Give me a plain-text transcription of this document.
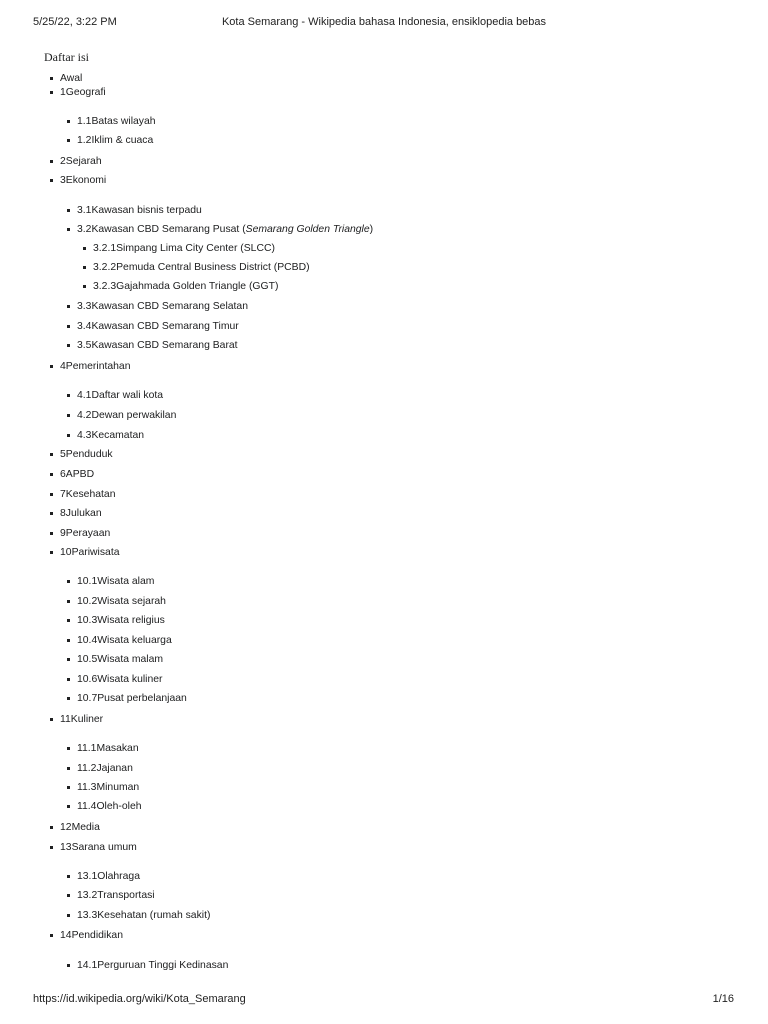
5/25/22, 3:22 PM	Kota Semarang - Wikipedia bahasa Indonesia, ensiklopedia bebas
Daftar isi
Awal
1Geografi
1.1Batas wilayah
1.2Iklim & cuaca
2Sejarah
3Ekonomi
3.1Kawasan bisnis terpadu
3.2Kawasan CBD Semarang Pusat (Semarang Golden Triangle)
3.2.1Simpang Lima City Center (SLCC)
3.2.2Pemuda Central Business District (PCBD)
3.2.3Gajahmada Golden Triangle (GGT)
3.3Kawasan CBD Semarang Selatan
3.4Kawasan CBD Semarang Timur
3.5Kawasan CBD Semarang Barat
4Pemerintahan
4.1Daftar wali kota
4.2Dewan perwakilan
4.3Kecamatan
5Penduduk
6APBD
7Kesehatan
8Julukan
9Perayaan
10Pariwisata
10.1Wisata alam
10.2Wisata sejarah
10.3Wisata religius
10.4Wisata keluarga
10.5Wisata malam
10.6Wisata kuliner
10.7Pusat perbelanjaan
11Kuliner
11.1Masakan
11.2Jajanan
11.3Minuman
11.4Oleh-oleh
12Media
13Sarana umum
13.1Olahraga
13.2Transportasi
13.3Kesehatan (rumah sakit)
14Pendidikan
14.1Perguruan Tinggi Kedinasan
https://id.wikipedia.org/wiki/Kota_Semarang	1/16
